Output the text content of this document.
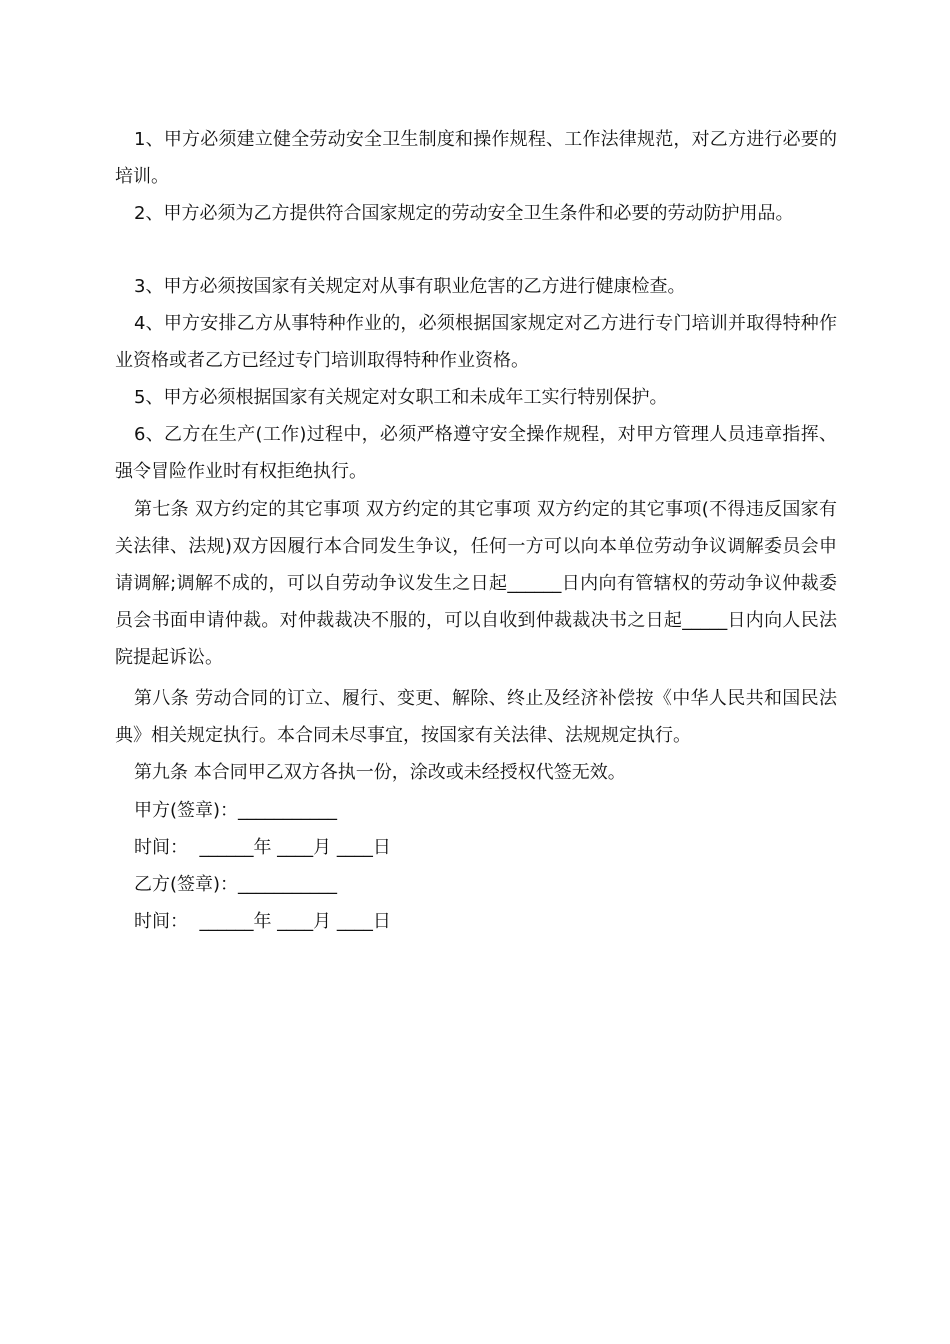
1、甲方必须建立健全劳动安全卫生制度和操作规程、工作法律规范，对乙方进行必要的培训。

2、甲方必须为乙方提供符合国家规定的劳动安全卫生条件和必要的劳动防护用品。

3、甲方必须按国家有关规定对从事有职业危害的乙方进行健康检查。

4、甲方安排乙方从事特种作业的，必须根据国家规定对乙方进行专门培训并取得特种作业资格或者乙方已经过专门培训取得特种作业资格。

5、甲方必须根据国家有关规定对女职工和未成年工实行特别保护。

6、乙方在生产(工作)过程中，必须严格遵守安全操作规程，对甲方管理人员违章指挥、强令冒险作业时有权拒绝执行。

第七条 双方约定的其它事项 双方约定的其它事项 双方约定的其它事项(不得违反国家有关法律、法规)双方因履行本合同发生争议，任何一方可以向本单位劳动争议调解委员会申请调解;调解不成的，可以自劳动争议发生之日起______日内向有管辖权的劳动争议仲裁委员会书面申请仲裁。对仲裁裁决不服的，可以自收到仲裁裁决书之日起_____日内向人民法院提起诉讼。

第八条 劳动合同的订立、履行、变更、解除、终止及经济补偿按《中华人民共和国民法典》相关规定执行。本合同未尽事宜，按国家有关法律、法规规定执行。

第九条 本合同甲乙双方各执一份，涂改或未经授权代签无效。

甲方(签章)：___________

时间：  ______年 ____月 ____日

乙方(签章)：___________

时间：  ______年 ____月 ____日
